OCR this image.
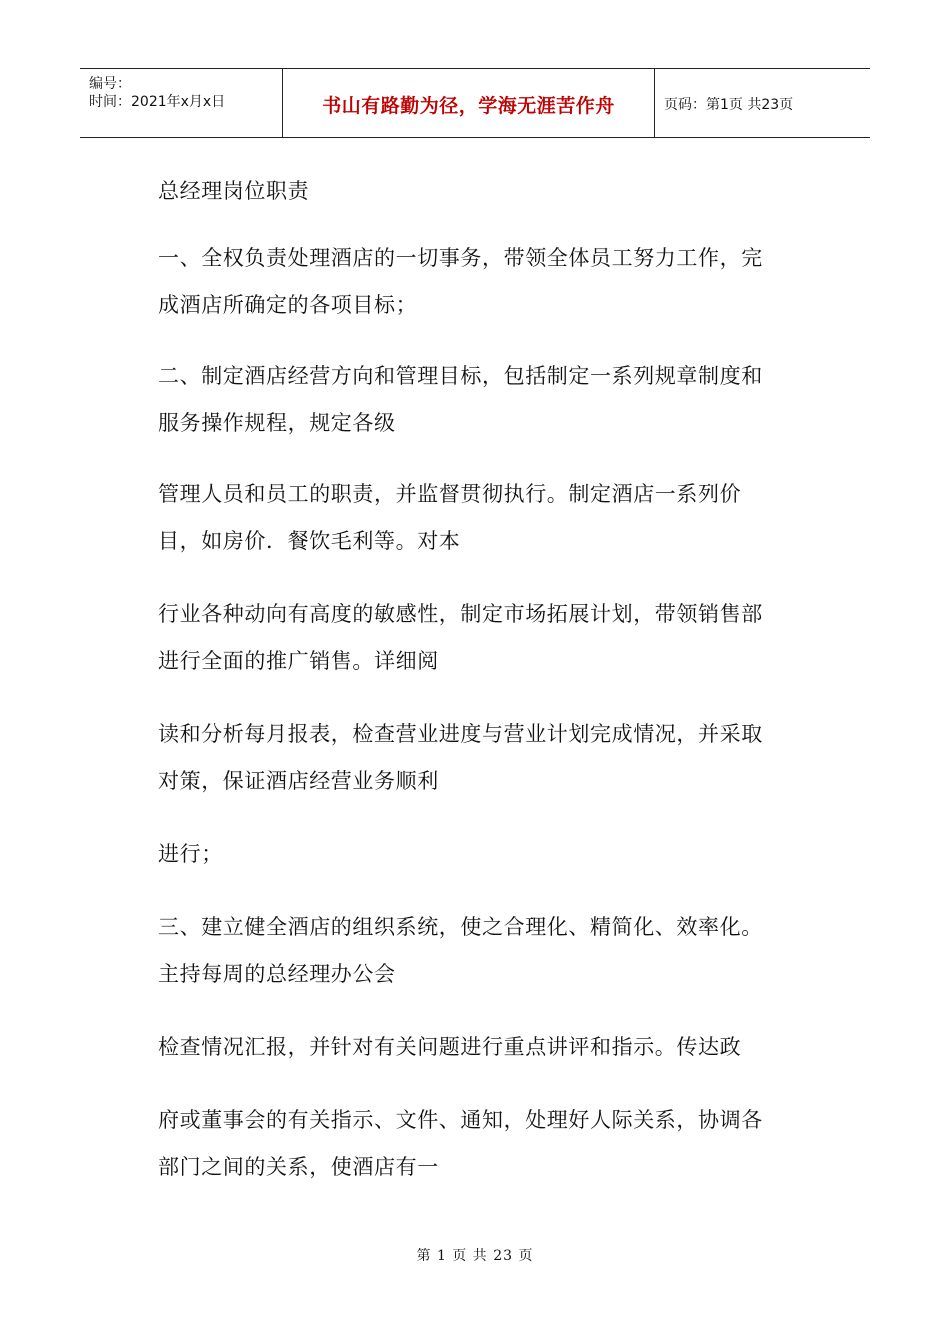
编号：
时间：2021年x月x日	书山有路勤为径，学海无涯苦作舟	页码：第1页 共23页

总经理岗位职责

一、全权负责处理酒店的一切事务，带领全体员工努力工作，完

成酒店所确定的各项目标；

二、制定酒店经营方向和管理目标，包括制定一系列规章制度和

服务操作规程，规定各级

管理人员和员工的职责，并监督贯彻执行。制定酒店一系列价

目，如房价．餐饮毛利等。对本

行业各种动向有高度的敏感性，制定市场拓展计划，带领销售部

进行全面的推广销售。详细阅

读和分析每月报表，检查营业进度与营业计划完成情况，并采取

对策，保证酒店经营业务顺利

进行；

三、建立健全酒店的组织系统，使之合理化、精简化、效率化。

主持每周的总经理办公会

检查情况汇报，并针对有关问题进行重点讲评和指示。传达政

府或董事会的有关指示、文件、通知，处理好人际关系，协调各

部门之间的关系，使酒店有一

第 1 页 共 23 页
